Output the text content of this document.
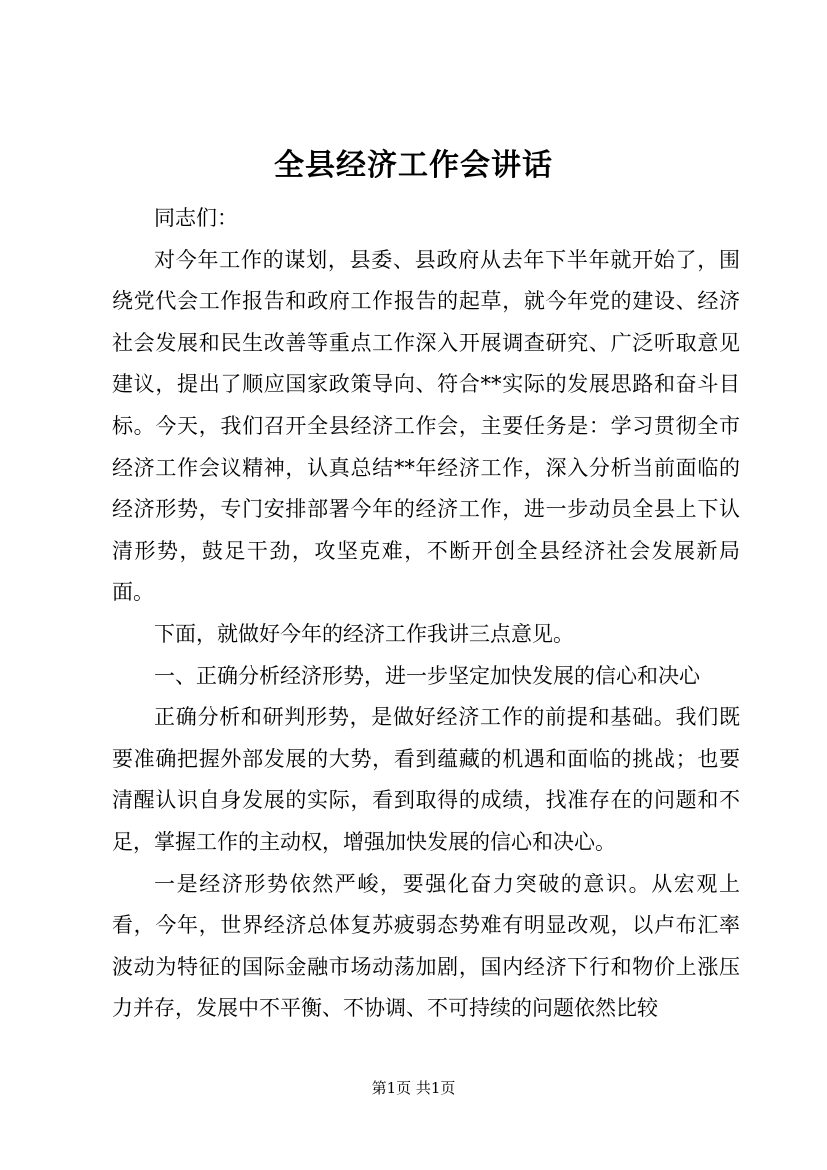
全县经济工作会讲话

同志们：

对今年工作的谋划，县委、县政府从去年下半年就开始了，围绕党代会工作报告和政府工作报告的起草，就今年党的建设、经济社会发展和民生改善等重点工作深入开展调查研究、广泛听取意见建议，提出了顺应国家政策导向、符合**实际的发展思路和奋斗目标。今天，我们召开全县经济工作会，主要任务是：学习贯彻全市经济工作会议精神，认真总结**年经济工作，深入分析当前面临的经济形势，专门安排部署今年的经济工作，进一步动员全县上下认清形势，鼓足干劲，攻坚克难，不断开创全县经济社会发展新局面。

下面，就做好今年的经济工作我讲三点意见。

一、正确分析经济形势，进一步坚定加快发展的信心和决心

正确分析和研判形势，是做好经济工作的前提和基础。我们既要准确把握外部发展的大势，看到蕴藏的机遇和面临的挑战；也要清醒认识自身发展的实际，看到取得的成绩，找准存在的问题和不足，掌握工作的主动权，增强加快发展的信心和决心。

一是经济形势依然严峻，要强化奋力突破的意识。从宏观上看，今年，世界经济总体复苏疲弱态势难有明显改观，以卢布汇率波动为特征的国际金融市场动荡加剧，国内经济下行和物价上涨压力并存，发展中不平衡、不协调、不可持续的问题依然比较

第1页 共1页
